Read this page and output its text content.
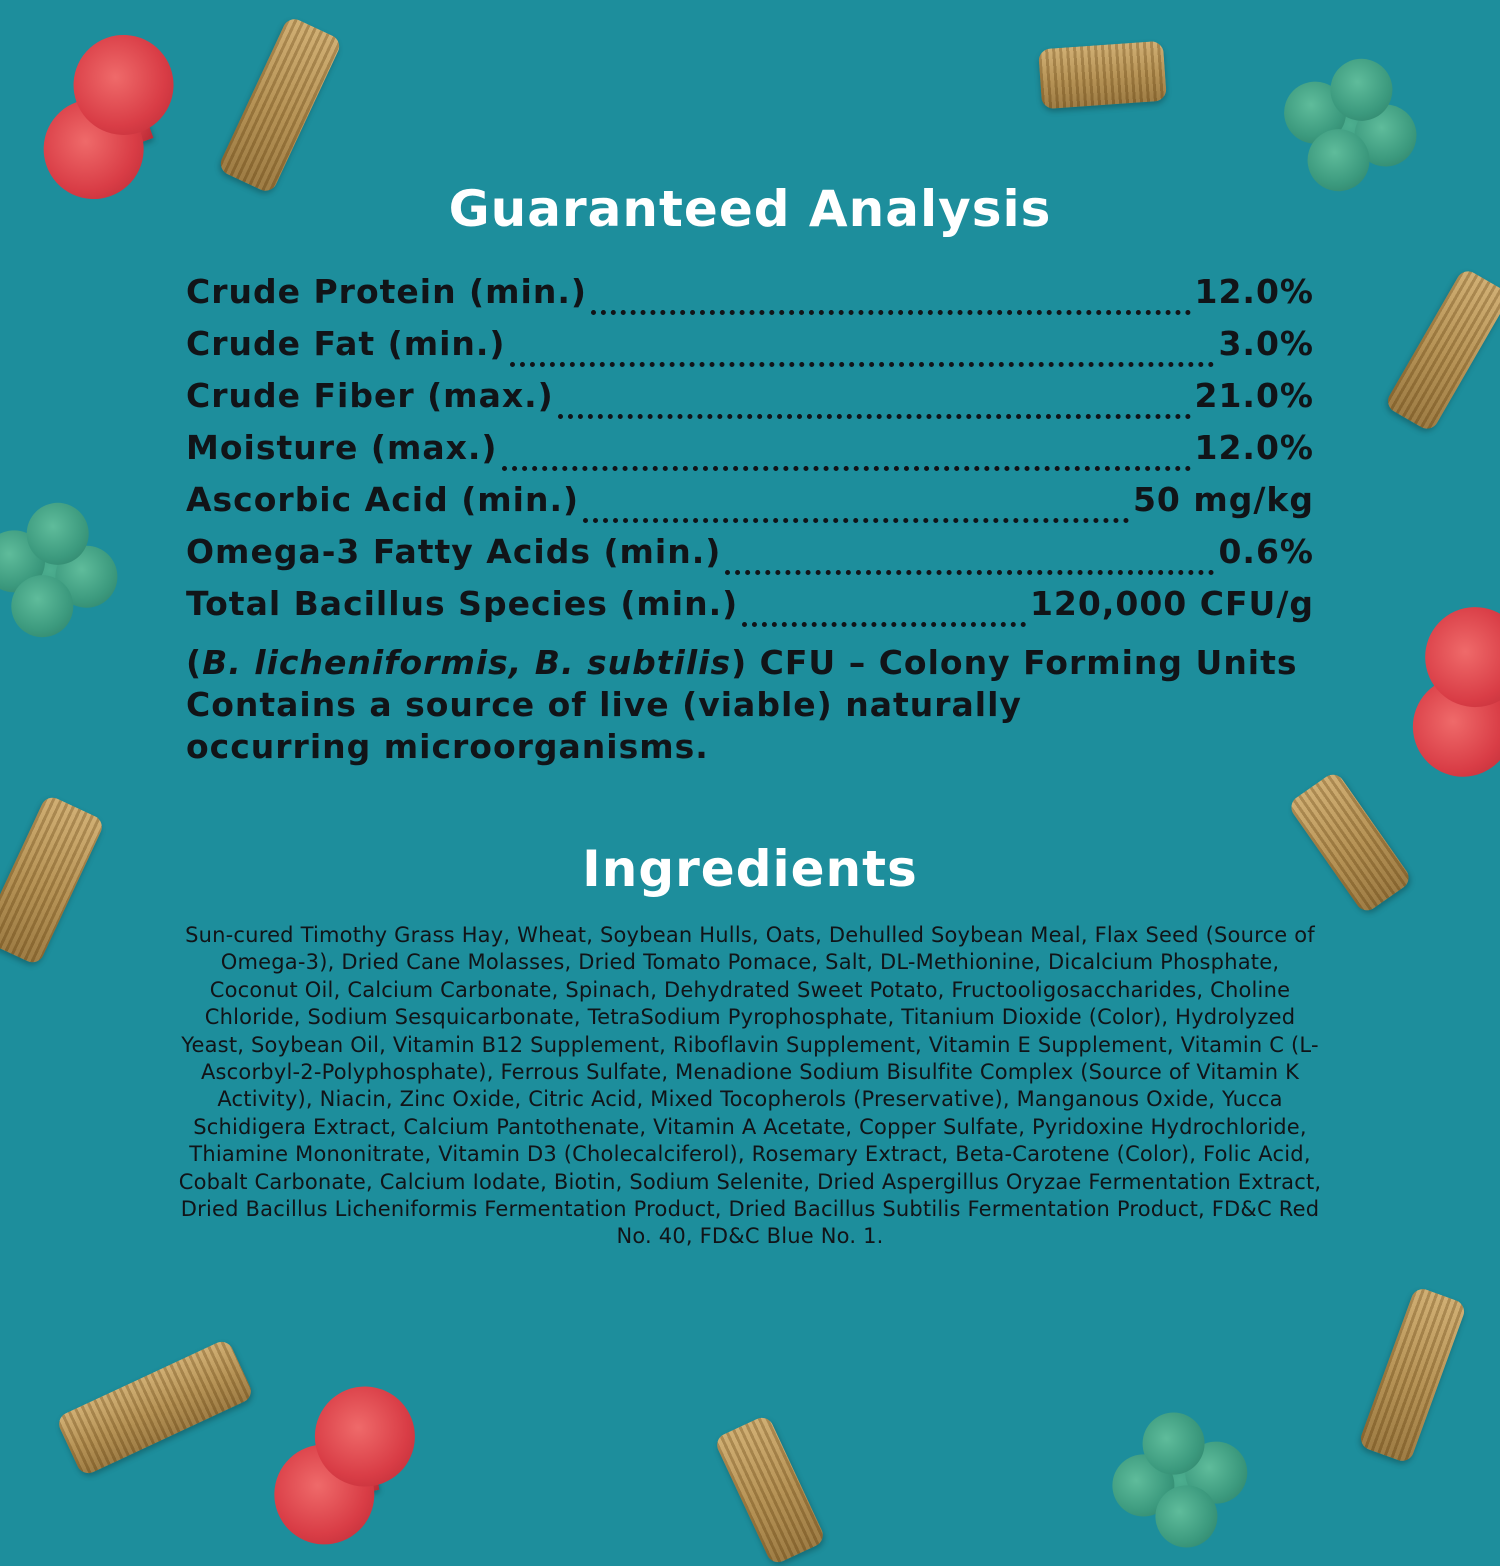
Guaranteed Analysis
Crude Protein (min.)	12.0%
Crude Fat (min.)	3.0%
Crude Fiber (max.)	21.0%
Moisture (max.)	12.0%
Ascorbic Acid (min.)	50 mg/kg
Omega-3 Fatty Acids (min.)	0.6%
Total Bacillus Species (min.)	120,000 CFU/g
(B. licheniformis, B. subtilis) CFU – Colony Forming Units
Contains a source of live (viable) naturally
occurring microorganisms.
Ingredients
Sun-cured Timothy Grass Hay, Wheat, Soybean Hulls, Oats, Dehulled Soybean Meal, Flax Seed (Source of Omega-3), Dried Cane Molasses, Dried Tomato Pomace, Salt, DL-Methionine, Dicalcium Phosphate, Coconut Oil, Calcium Carbonate, Spinach, Dehydrated Sweet Potato, Fructooligosaccharides, Choline Chloride, Sodium Sesquicarbonate, TetraSodium Pyrophosphate, Titanium Dioxide (Color), Hydrolyzed Yeast, Soybean Oil, Vitamin B12 Supplement, Riboflavin Supplement, Vitamin E Supplement, Vitamin C (L-Ascorbyl-2-Polyphosphate), Ferrous Sulfate, Menadione Sodium Bisulfite Complex (Source of Vitamin K Activity), Niacin, Zinc Oxide, Citric Acid, Mixed Tocopherols (Preservative), Manganous Oxide, Yucca Schidigera Extract, Calcium Pantothenate, Vitamin A Acetate, Copper Sulfate, Pyridoxine Hydrochloride, Thiamine Mononitrate, Vitamin D3 (Cholecalciferol), Rosemary Extract, Beta-Carotene (Color), Folic Acid, Cobalt Carbonate, Calcium Iodate, Biotin, Sodium Selenite, Dried Aspergillus Oryzae Fermentation Extract, Dried Bacillus Licheniformis Fermentation Product, Dried Bacillus Subtilis Fermentation Product, FD&C Red No. 40, FD&C Blue No. 1.
